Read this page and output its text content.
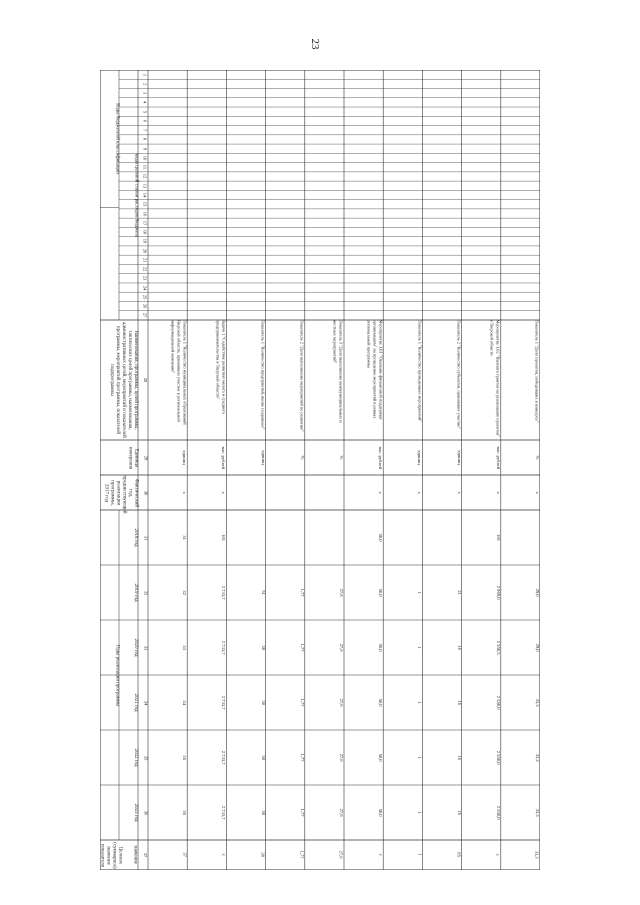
23
Коды бюджетной классификации
коды целевой статьи расходов бюджета
Наименования, программы, целей программы, тактических целей программы, наименования, административных целей, мероприятий и показателей программы, мероприятий программы, показателей подпрограммы
Единица измерения
Фактический год, предшествующий реализации программы, 2017 год
Годы реализации программы
Целевое (суммарное) значение показателя	значение
2018 год
2019 год
2020 год
2021 год
2022 год
2023 год
1
2
3
4
5
6
7
8
9
10
11
12
13
14
15
16
17
18
19
20
21
22
23
24
25
26
27
28
29
30
31
32
33
34
35
36
37
Показатель 1 "Количество муниципальных образований Тверской области, принявших участие в региональной информационной кампании"
единиц
х
31
32
33
34
35
36
37
Задача 1 "Содействие развитию малого и среднего предпринимательства в Тверской области"
тыс. рублей
х
101
2 733,7
2 733,7
2 733,7
2 733,7
2 733,7
х
Показатель 1 "Количество предприятий, вновь созданных"
единиц
51
38
38
38
38
38
Показатель 2 "Доля выполнения мероприятий по развитию"
%
1,77
1,77
1,77
1,77
1,77
1,77
Показатель 3 "Доля выполнения межмуниципальных и местных мероприятий"
%
27,6
27,6
27,6
27,6
27,6
27,6
Мероприятие 1.01 "Оказание финансовой поддержки организациям" на проведение мероприятий в рамках региональной программы
тыс. рублей
х
50,0
50,0
50,0
50,0
50,0
50,0
х
Показатель 1 "Количество проведенных мероприятий"
единиц
х
1
1
1
1
1
1
Показатель 2 "Количество субъектов, принявших участие"
единиц
х
21
16
16
16
16
85
Мероприятие 1.02 "Выплата грантов на реализацию проектов" в Тверской области
тыс. рублей
х
101
2 969,0
2 550,5
2 550,0
2 550,0
2 550,0
х
Показатель 1 "Доля проектов, победивших в конкурсе"
%
х
29,0
29,0
33,3
33,3
33,3
33,3
